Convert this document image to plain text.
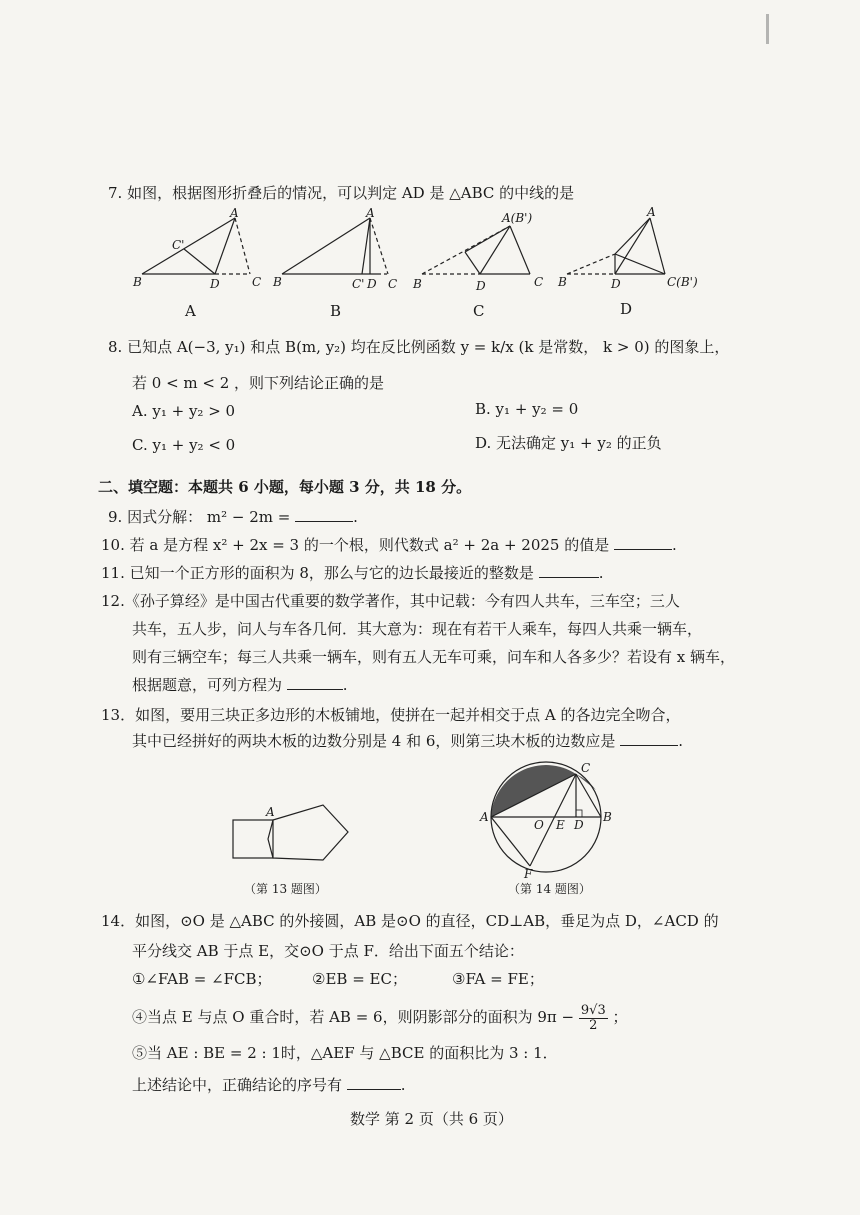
7. 如图，根据图形折叠后的情况，可以判定 AD 是 △ABC 的中线的是
A
B	D	C
C'
A
A
B	C' D C
B
A(B')
B	D	C
C
A
B	D	C(B')
D
8. 已知点 A(−3, y₁) 和点 B(m, y₂) 均在反比例函数 y = k/x (k 是常数， k > 0) 的图象上，
若 0 < m < 2 ，则下列结论正确的是
A. y₁ + y₂ > 0	B. y₁ + y₂ = 0
C. y₁ + y₂ < 0	D. 无法确定 y₁ + y₂ 的正负
二、填空题：本题共 6 小题，每小题 3 分，共 18 分。
9. 因式分解： m² − 2m =	.
10. 若 a 是方程 x² + 2x = 3 的一个根，则代数式 a² + 2a + 2025 的值是	.
11. 已知一个正方形的面积为 8，那么与它的边长最接近的整数是	.
12.《孙子算经》是中国古代重要的数学著作，其中记载：今有四人共车，三车空；三人
共车，五人步，问人与车各几何．其大意为：现在有若干人乘车，每四人共乘一辆车，
则有三辆空车；每三人共乘一辆车，则有五人无车可乘，问车和人各多少？若设有 x 辆车，
根据题意，可列方程为	.
13．如图，要用三块正多边形的木板铺地，使拼在一起并相交于点 A 的各边完全吻合，
其中已经拼好的两块木板的边数分别是 4 和 6，则第三块木板的边数应是	.
A
（第 13 题图）
C
A	B
O E D
F
（第 14 题图）
14．如图，⊙O 是 △ABC 的外接圆，AB 是⊙O 的直径，CD⊥AB，垂足为点 D，∠ACD 的
平分线交 AB 于点 E，交⊙O 于点 F．给出下面五个结论：
①∠FAB = ∠FCB；	②EB = EC；	③FA = FE；
④当点 E 与点 O 重合时，若 AB = 6，则阴影部分的面积为 $9\pi - \frac{9√3}{2}$ ；
⑤当 AE : BE = 2 : 1时，△AEF 与 △BCE 的面积比为 3 : 1．
上述结论中，正确结论的序号有	.
数学 第 2 页（共 6 页）
